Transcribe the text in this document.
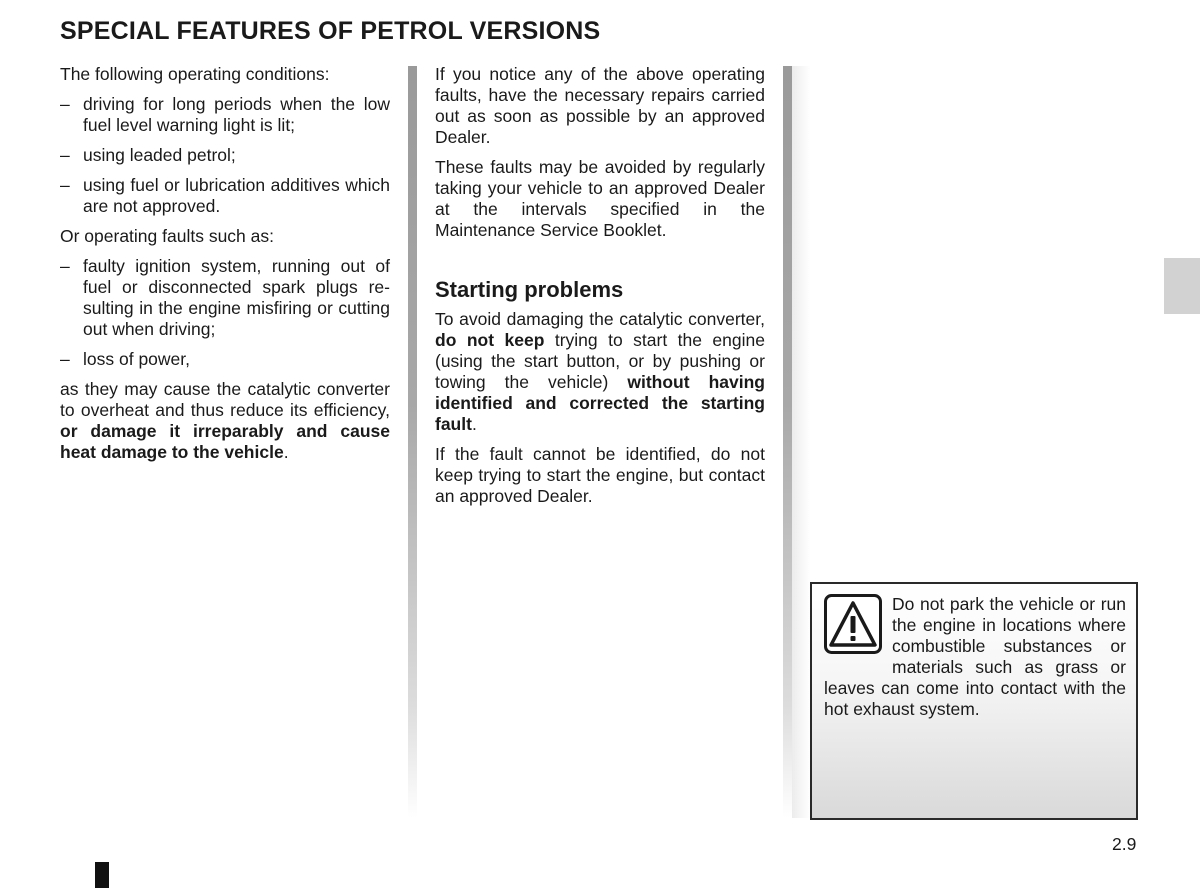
SPECIAL FEATURES OF PETROL VERSIONS

The following operating conditions:

– driving for long periods when the low fuel level warning light is lit;
– using leaded petrol;
– using fuel or lubrication additives which are not approved.

Or operating faults such as:

– faulty ignition system, running out of fuel or disconnected spark plugs resulting in the engine misfiring or cutting out when driving;
– loss of power,

as they may cause the catalytic converter to overheat and thus reduce its efficiency, or damage it irreparably and cause heat damage to the vehicle.

If you notice any of the above operating faults, have the necessary repairs carried out as soon as possible by an approved Dealer.

These faults may be avoided by regularly taking your vehicle to an approved Dealer at the intervals specified in the Maintenance Service Booklet.

Starting problems

To avoid damaging the catalytic converter, do not keep trying to start the engine (using the start button, or by pushing or towing the vehicle) without having identified and corrected the starting fault.

If the fault cannot be identified, do not keep trying to start the engine, but contact an approved Dealer.

Do not park the vehicle or run the engine in locations where combustible substances or materials such as grass or leaves can come into contact with the hot exhaust system.

2.9
